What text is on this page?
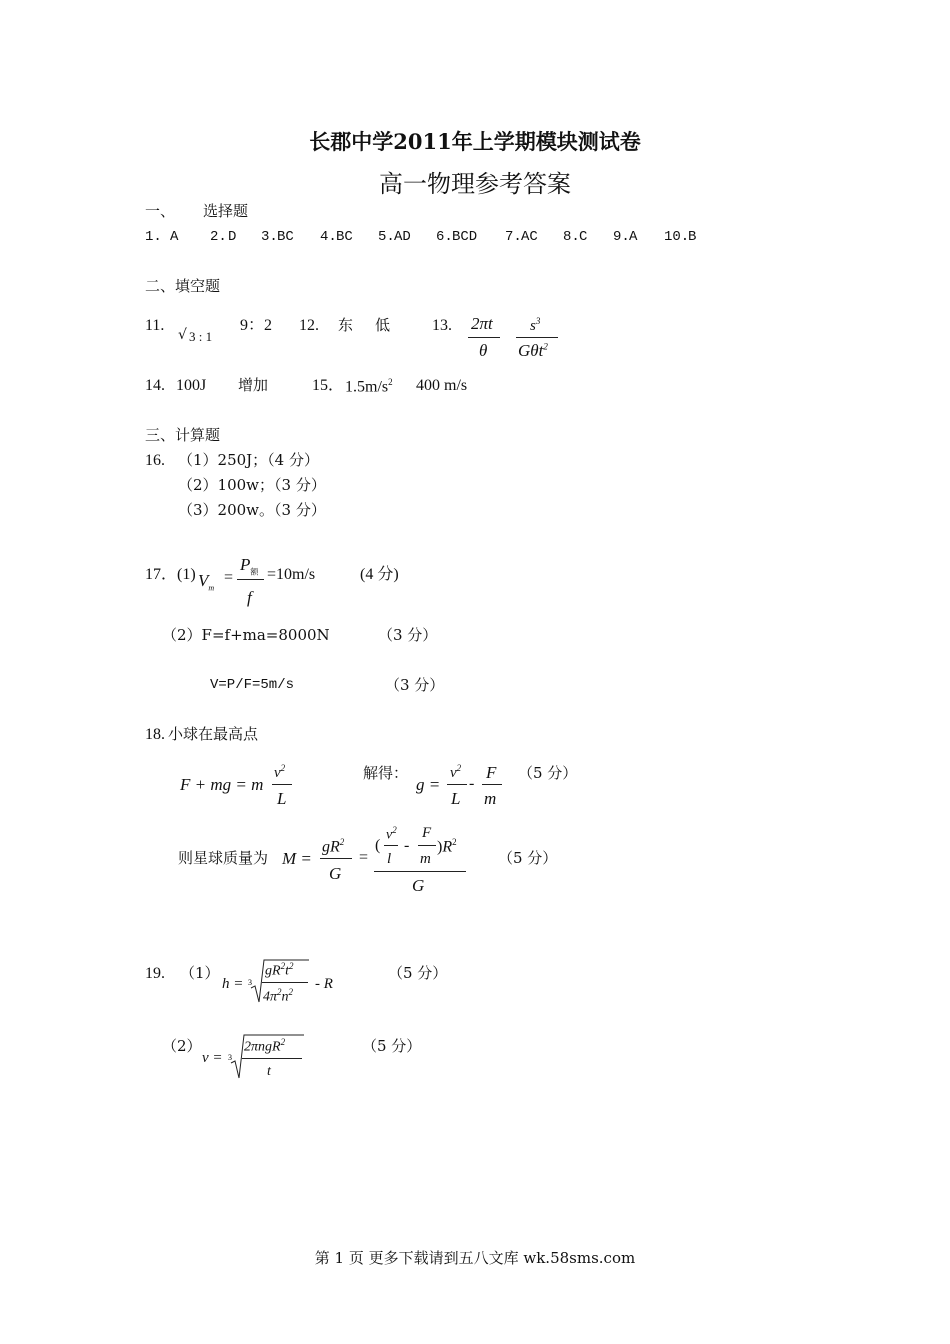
长郡中学2011年上学期模块测试卷
高一物理参考答案
一、 选择题
1. A 2. D 3. BC 4. BC 5. AD 6. BCD 7. AC 8. C 9. A 10.
B
二、填空题
11.
√ 3 : 1
9：2 12. 东 低	13. 2πt
θ
$s^3$
Gθt$^2$
14. 100J 增加	15． $1.5m/s^2$ 400 m/s
三、计算题
16. （1）250J；（4 分）
（2）100w；（3 分）
（3）200w。（3 分）
17．(1) $V_m$
=
$P_额$
f
=10m/s	(4 分)
（2）F=f+ma=8000N	（3 分）
V=P/F=5m/s	（3 分）
18. 小球在最高点
F + mg = m
$v^2$
L
解得：
g =
$v^2$
L
-
F
m
（5 分）
则星球质量为 M =
$gR^2$
G
=
(
$v^2$
l
-
F
m
)$R^2$
G
（5 分）
19. （1）
h = 3
$gR^2t^2$
$4\pi^2n^2$ - R
（5 分）
（2）
v = 3
2πngR$^2$
t
（5 分）
第 1 页 更多下载请到五八文库 wk.58sms.com
